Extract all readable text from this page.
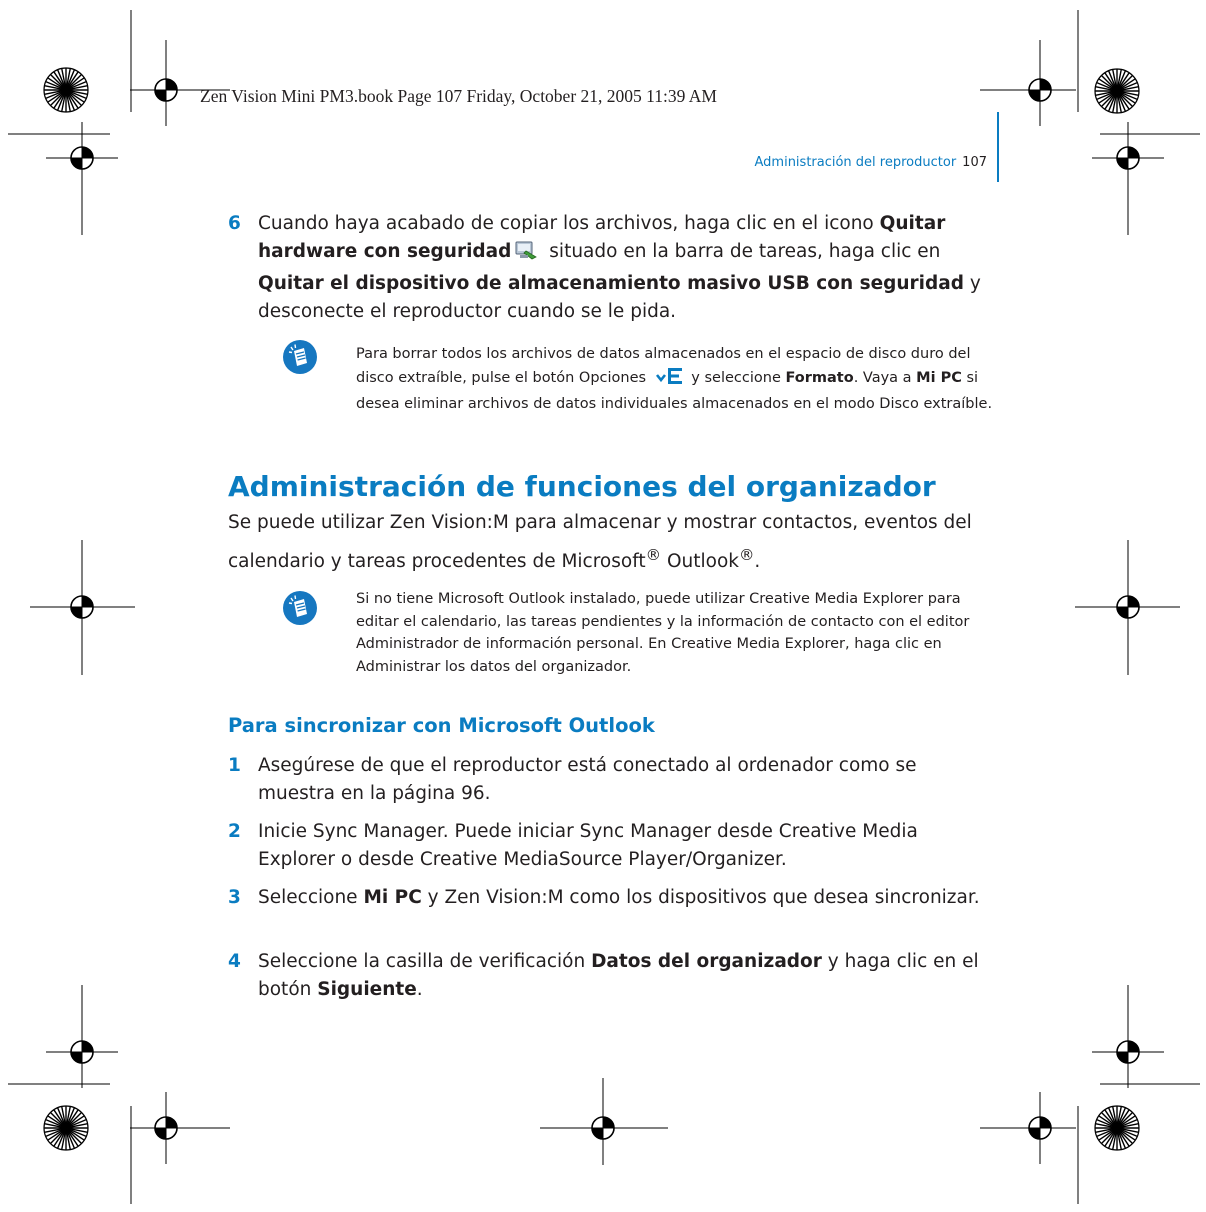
Zen Vision Mini PM3.book Page 107 Friday, October 21, 2005 11:39 AM
Administración del reproductor 107
6 Cuando haya acabado de copiar los archivos, haga clic en el icono Quitar hardware con seguridad situado en la barra de tareas, haga clic en Quitar el dispositivo de almacenamiento masivo USB con seguridad y desconecte el reproductor cuando se le pida.
Para borrar todos los archivos de datos almacenados en el espacio de disco duro del disco extraíble, pulse el botón Opciones  y seleccione Formato. Vaya a Mi PC si desea eliminar archivos de datos individuales almacenados en el modo Disco extraíble.
Administración de funciones del organizador
Se puede utilizar Zen Vision:M para almacenar y mostrar contactos, eventos del calendario y tareas procedentes de Microsoft® Outlook®.
Si no tiene Microsoft Outlook instalado, puede utilizar Creative Media Explorer para editar el calendario, las tareas pendientes y la información de contacto con el editor Administrador de información personal. En Creative Media Explorer, haga clic en Administrar los datos del organizador.
Para sincronizar con Microsoft Outlook
1 Asegúrese de que el reproductor está conectado al ordenador como se muestra en la página 96.
2 Inicie Sync Manager. Puede iniciar Sync Manager desde Creative Media Explorer o desde Creative MediaSource Player/Organizer.
3 Seleccione Mi PC y Zen Vision:M como los dispositivos que desea sincronizar.
4 Seleccione la casilla de verificación Datos del organizador y haga clic en el botón Siguiente.
